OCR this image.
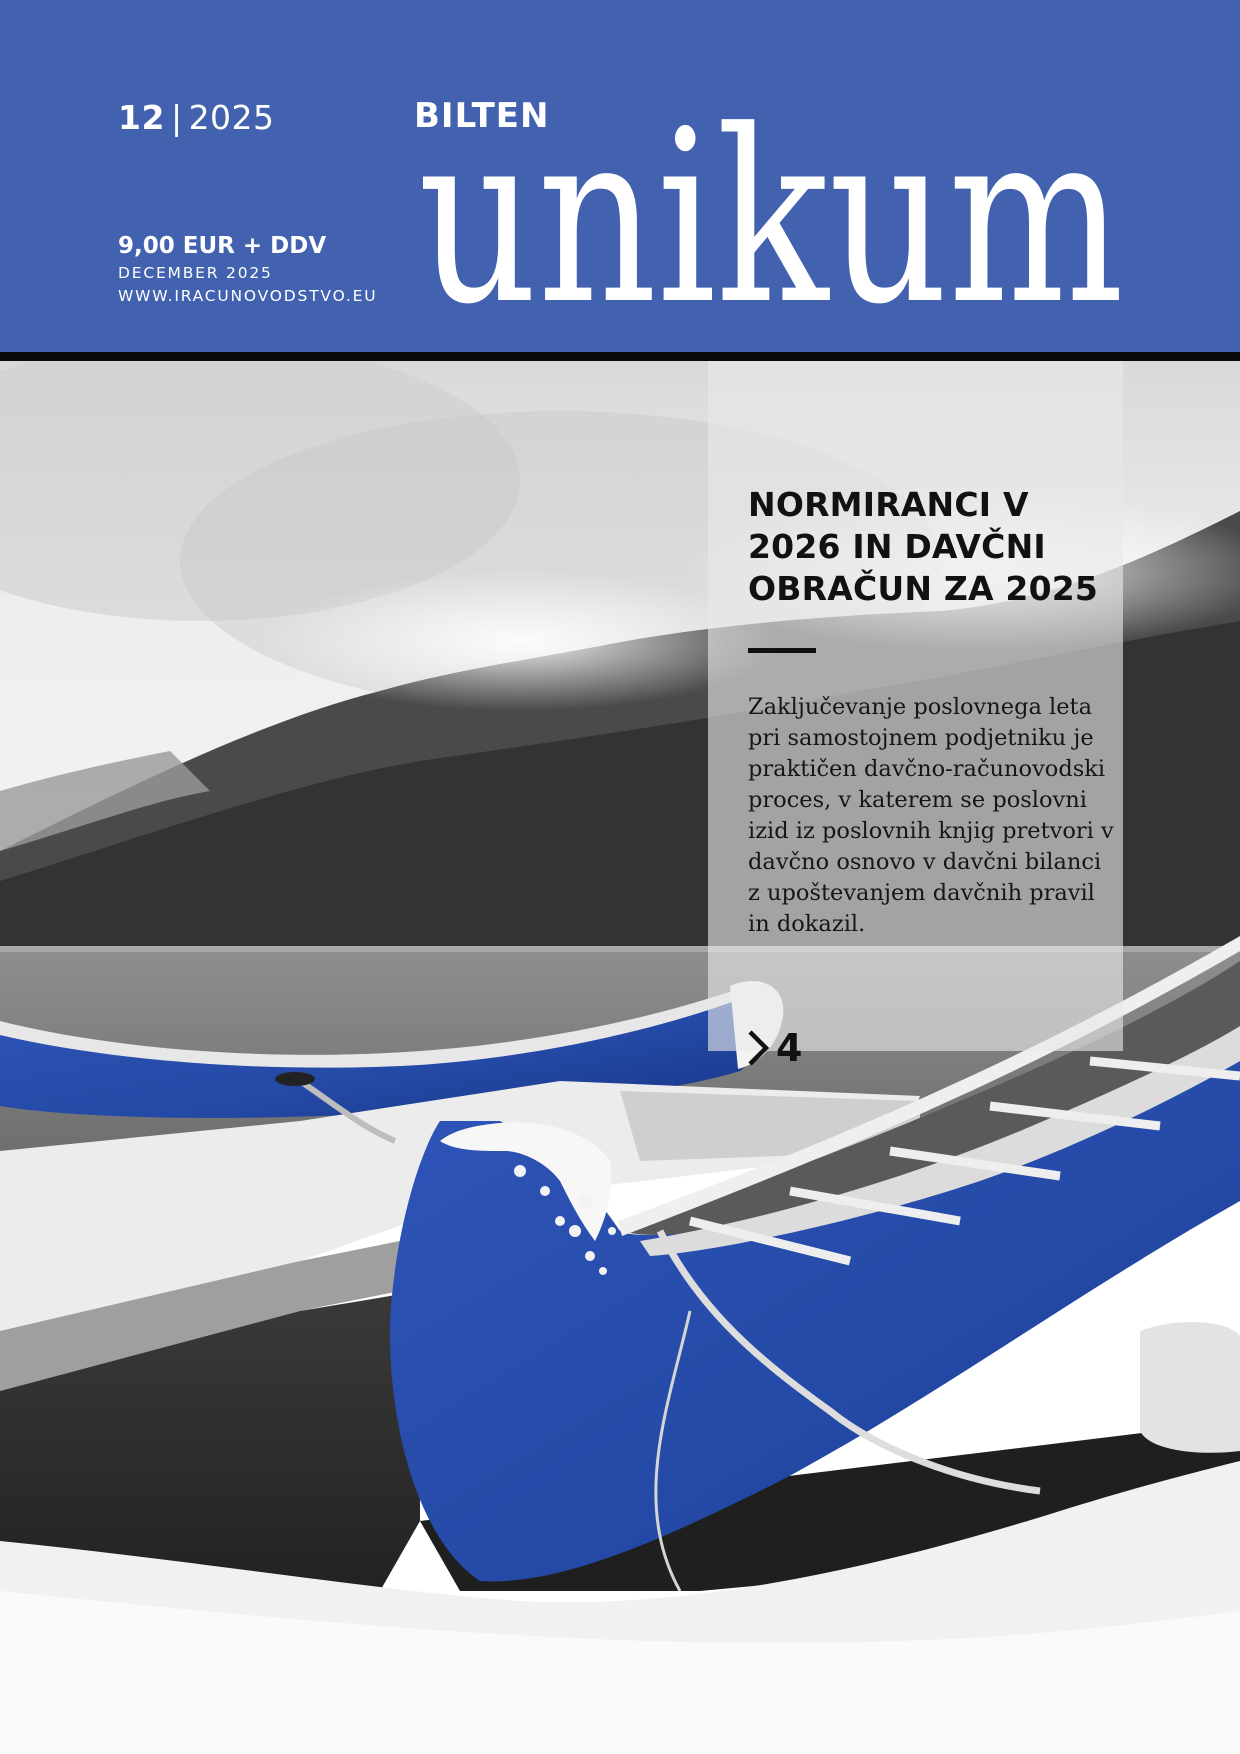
12 | 2025
9,00 EUR + DDV
DECEMBER 2025
WWW.IRACUNOVODSTVO.EU
BILTEN
unikum
NORMIRANCI V 2026 IN DAVČNI OBRAČUN ZA 2025
Zaključevanje poslovnega leta pri samostojnem podjetniku je praktičen davčno-računovodski proces, v katerem se poslovni izid iz poslovnih knjig pretvori v davčno osnovo v davčni bilanci z upoštevanjem davčnih pravil in dokazil.
4
